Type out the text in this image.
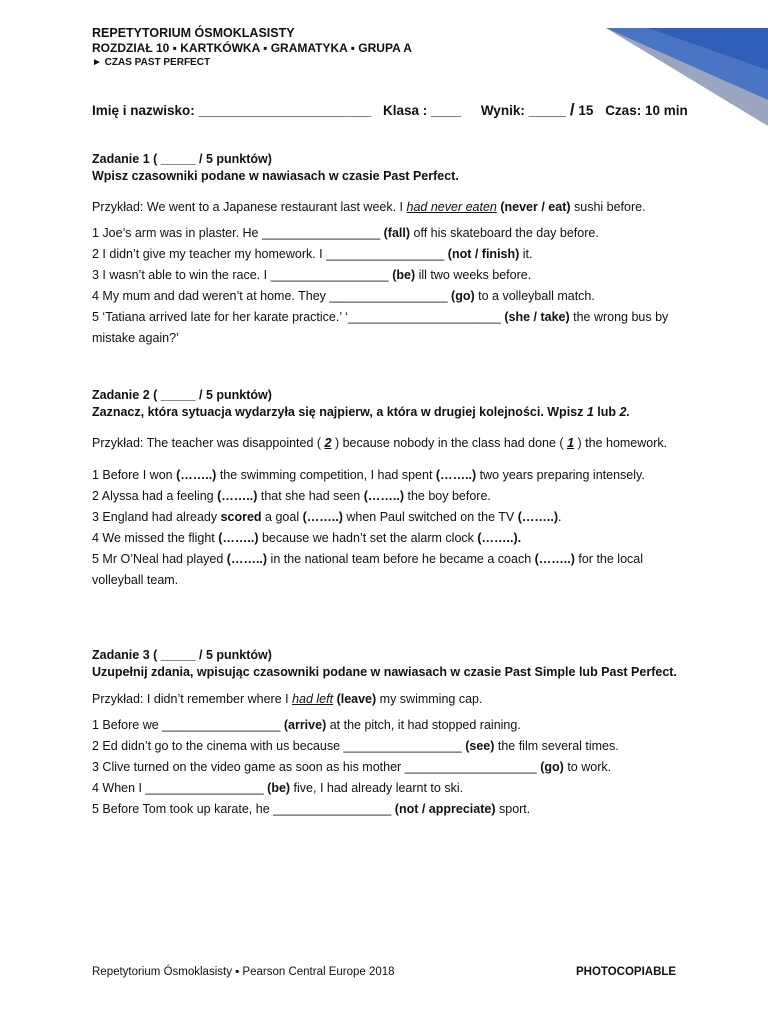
REPETYTORIUM ÓSMOKLASISTY
ROZDZIAŁ 10 ▪ KARTKÓWKA ▪ GRAMATYKA ▪ GRUPA A
► CZAS PAST PERFECT
Imię i nazwisko: _______________________ Klasa : ____ Wynik: _____ / 15 Czas: 10 min
Zadanie 1 ( _____ / 5 punktów)
Wpisz czasowniki podane w nawiasach w czasie Past Perfect.
Przykład: We went to a Japanese restaurant last week. I had never eaten (never / eat) sushi before.
1 Joe’s arm was in plaster. He _________________ (fall) off his skateboard the day before.
2 I didn’t give my teacher my homework. I _________________ (not / finish) it.
3 I wasn’t able to win the race. I _________________ (be) ill two weeks before.
4 My mum and dad weren’t at home. They _________________ (go) to a volleyball match.
5 ‘Tatiana arrived late for her karate practice.’ ‘______________________ (she / take) the wrong bus by mistake again?’
Zadanie 2 ( _____ / 5 punktów)
Zaznacz, która sytuacja wydarzyła się najpierw, a która w drugiej kolejności. Wpisz 1 lub 2.
Przykład: The teacher was disappointed ( 2 ) because nobody in the class had done ( 1 ) the homework.
1 Before I won (……..) the swimming competition, I had spent (……..) two years preparing intensely.
2 Alyssa had a feeling (……..) that she had seen (……..) the boy before.
3 England had already scored a goal (……..) when Paul switched on the TV (……..).
4 We missed the flight (……..) because we hadn’t set the alarm clock (……..).
5 Mr O’Neal had played (……..) in the national team before he became a coach (……..) for the local volleyball team.
Zadanie 3 ( _____ / 5 punktów)
Uzupełnij zdania, wpisując czasowniki podane w nawiasach w czasie Past Simple lub Past Perfect.
Przykład: I didn’t remember where I had left (leave) my swimming cap.
1 Before we _________________ (arrive) at the pitch, it had stopped raining.
2 Ed didn’t go to the cinema with us because _________________ (see) the film several times.
3 Clive turned on the video game as soon as his mother ___________________ (go) to work.
4 When I _________________ (be) five, I had already learnt to ski.
5 Before Tom took up karate, he _________________ (not / appreciate) sport.
Repetytorium Ósmoklasisty ▪ Pearson Central Europe 2018	PHOTOCOPIABLE
